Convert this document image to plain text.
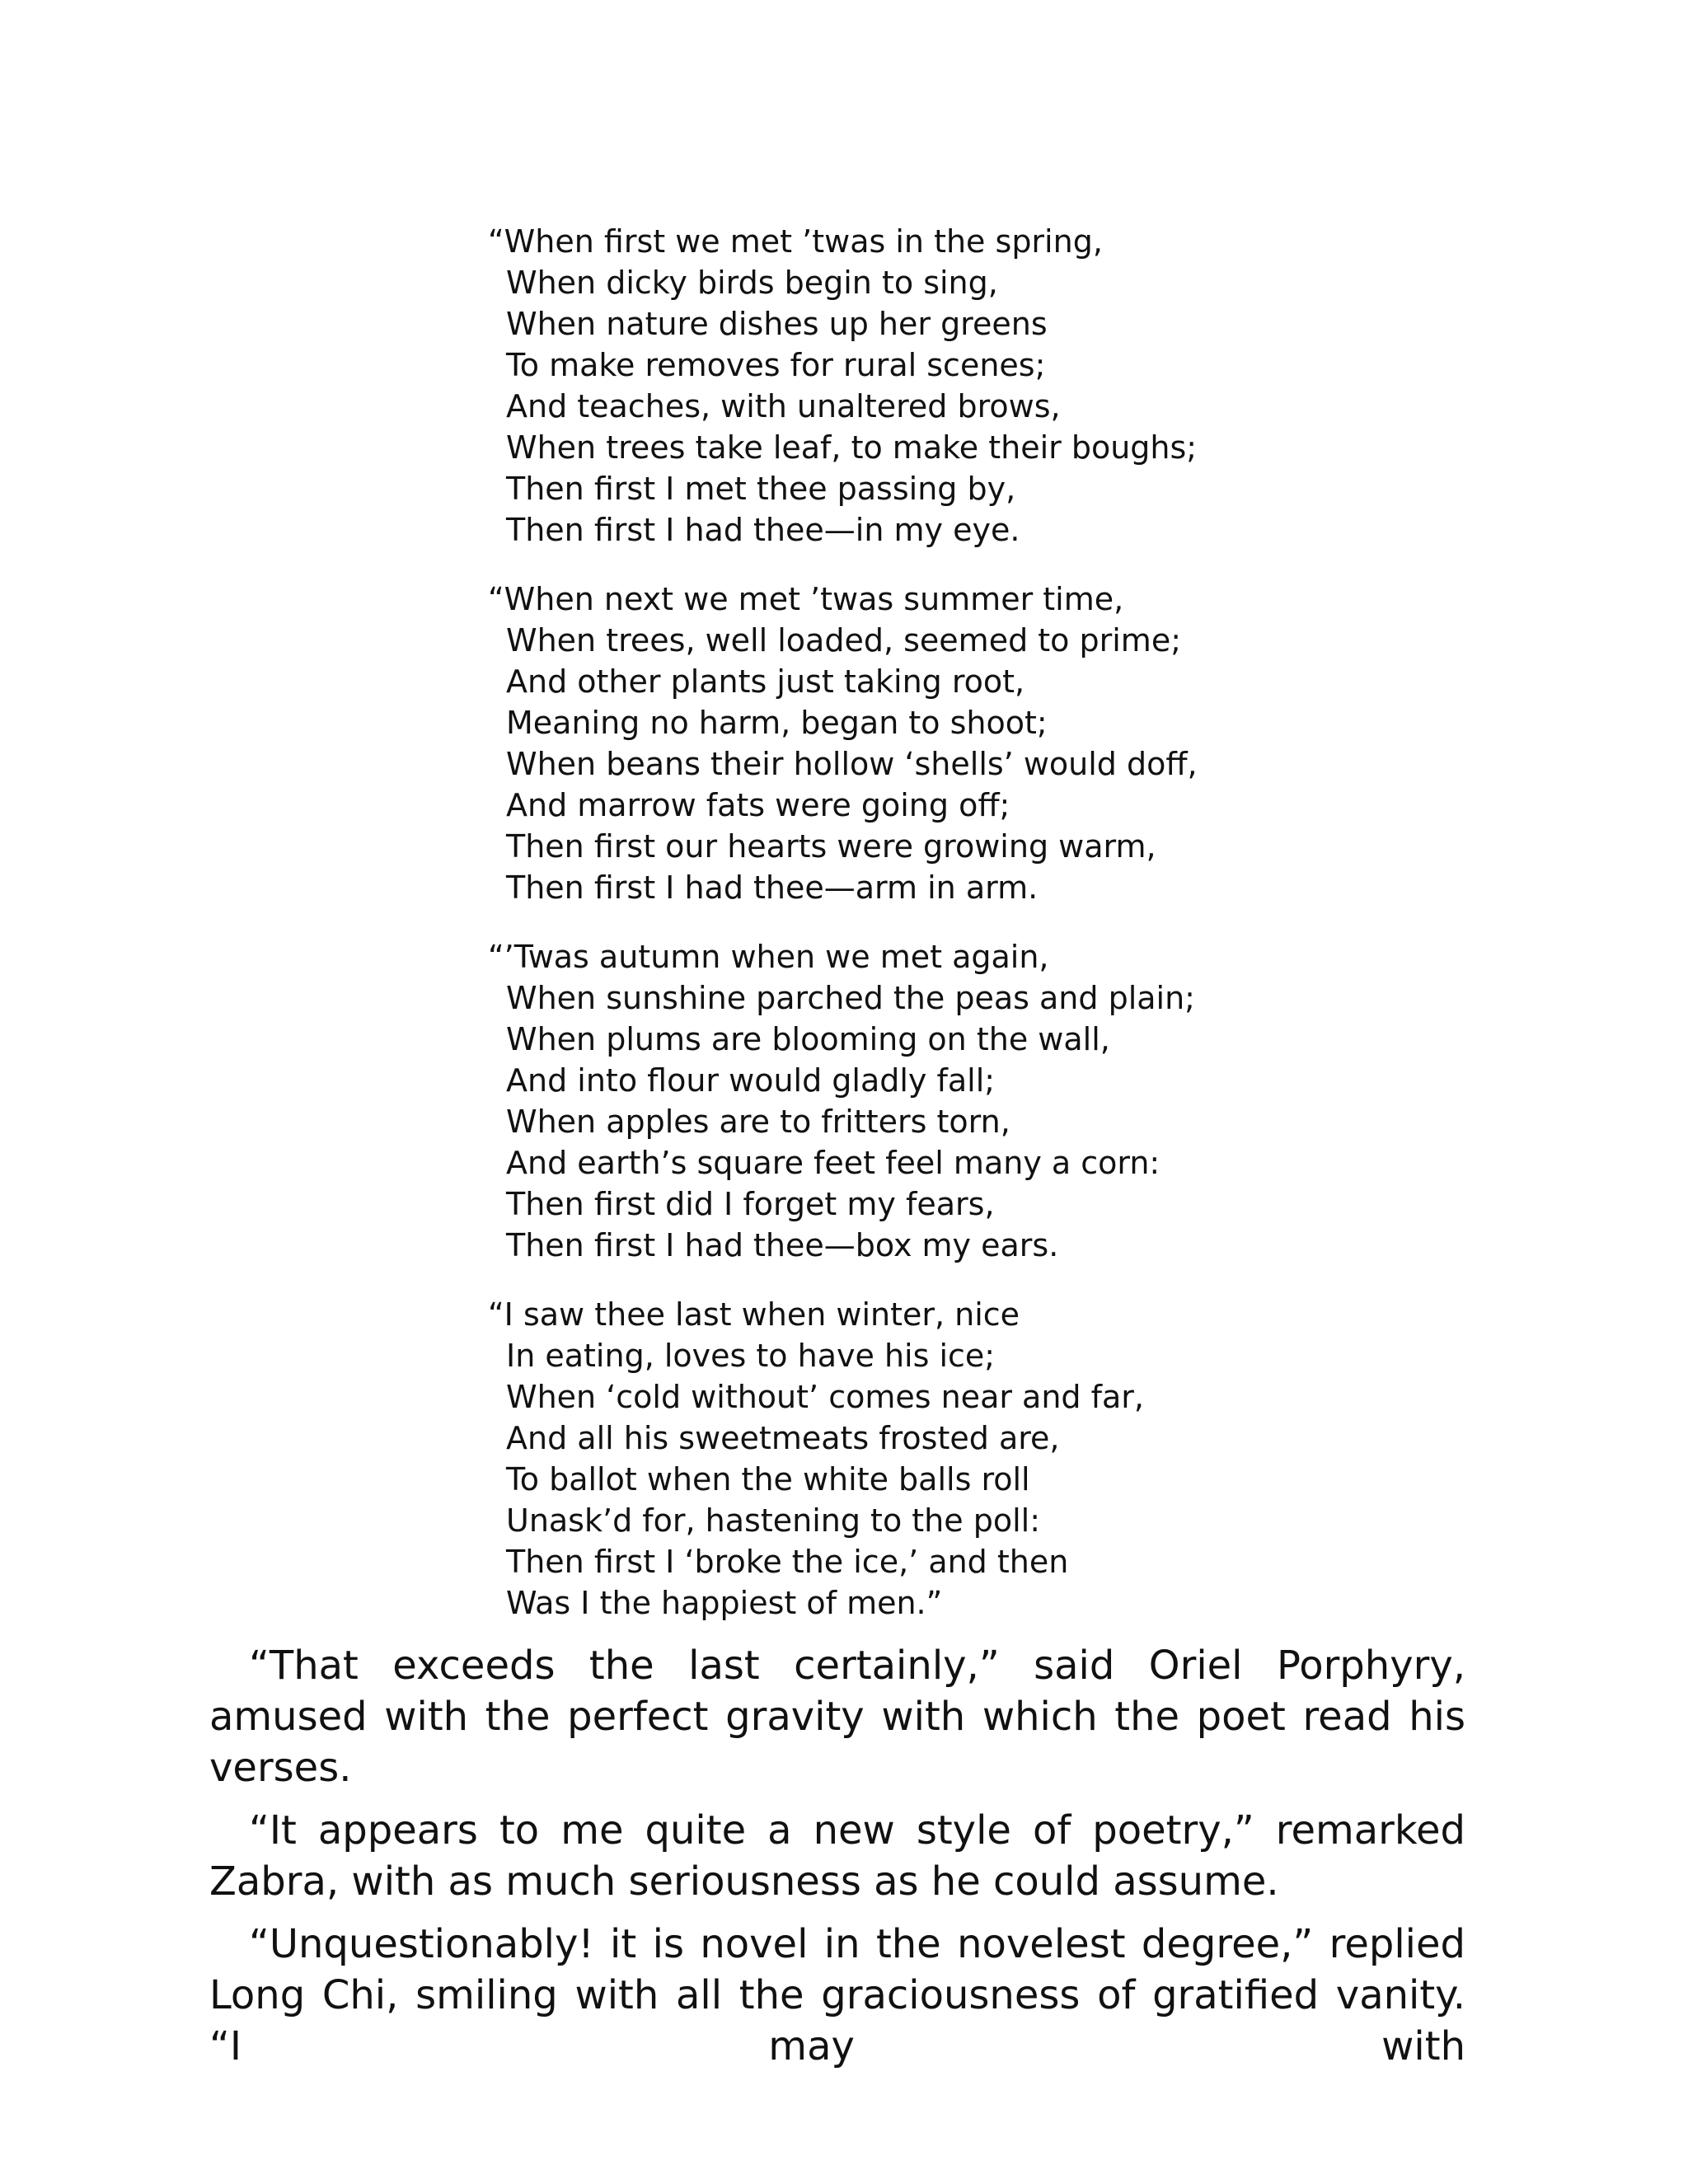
“When first we met ’twas in the spring,
When dicky birds begin to sing,
When nature dishes up her greens
To make removes for rural scenes;
And teaches, with unaltered brows,
When trees take leaf, to make their boughs;
Then first I met thee passing by,
Then first I had thee—in my eye.
“When next we met ’twas summer time,
When trees, well loaded, seemed to prime;
And other plants just taking root,
Meaning no harm, began to shoot;
When beans their hollow ‘shells’ would doff,
And marrow fats were going off;
Then first our hearts were growing warm,
Then first I had thee—arm in arm.
“’Twas autumn when we met again,
When sunshine parched the peas and plain;
When plums are blooming on the wall,
And into flour would gladly fall;
When apples are to fritters torn,
And earth’s square feet feel many a corn:
Then first did I forget my fears,
Then first I had thee—box my ears.
“I saw thee last when winter, nice
In eating, loves to have his ice;
When ‘cold without’ comes near and far,
And all his sweetmeats frosted are,
To ballot when the white balls roll
Unask’d for, hastening to the poll:
Then first I ‘broke the ice,’ and then
Was I the happiest of men.”

“That exceeds the last certainly,” said Oriel Porphyry, amused with the perfect gravity with which the poet read his verses.

“It appears to me quite a new style of poetry,” remarked Zabra, with as much seriousness as he could assume.

“Unquestionably! it is novel in the novelest degree,” replied Long Chi, smiling with all the graciousness of gratified vanity. “I may with
